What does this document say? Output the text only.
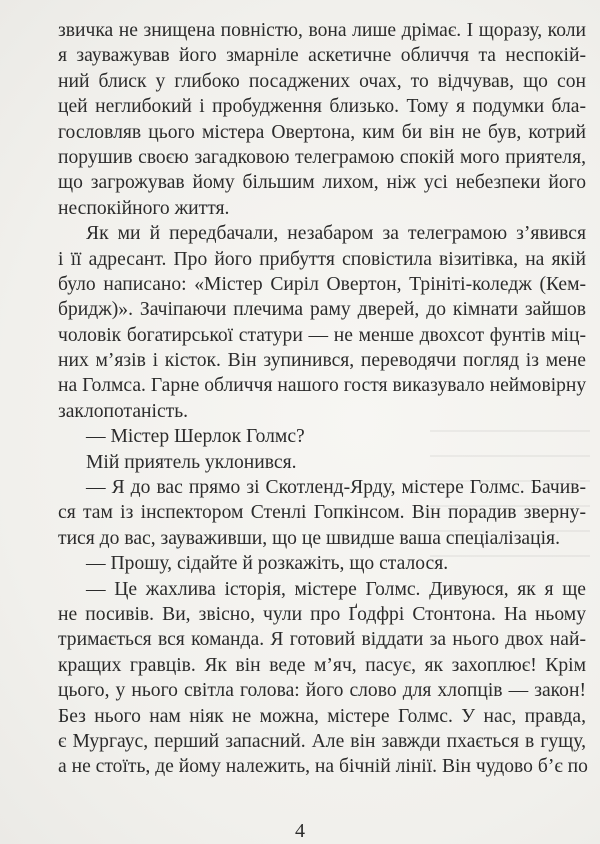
звичка не знищена повністю, вона лише дрімає. І щоразу, коли
я зауважував його змарніле аскетичне обличчя та неспокій-
ний блиск у глибоко посаджених очах, то відчував, що сон
цей неглибокий і пробудження близько. Тому я подумки бла-
гословляв цього містера Овертона, ким би він не був, котрий
порушив своєю загадковою телеграмою спокій мого приятеля,
що загрожував йому більшим лихом, ніж усі небезпеки його
неспокійного життя.
Як ми й передбачали, незабаром за телеграмою з’явився
і її адресант. Про його прибуття сповістила візитівка, на якій
було написано: «Містер Сиріл Овертон, Трініті-коледж (Кем-
бридж)». Зачіпаючи плечима раму дверей, до кімнати зайшов
чоловік богатирської статури — не менше двохсот фунтів міц-
них м’язів і кісток. Він зупинився, переводячи погляд із мене
на Голмса. Гарне обличчя нашого гостя виказувало неймовірну
заклопотаність.
— Містер Шерлок Голмс?
Мій приятель уклонився.
— Я до вас прямо зі Скотленд-Ярду, містере Голмс. Бачив-
ся там із інспектором Стенлі Гопкінсом. Він порадив зверну-
тися до вас, зауваживши, що це швидше ваша спеціалізація.
— Прошу, сідайте й розкажіть, що сталося.
— Це жахлива історія, містере Голмс. Дивуюся, як я ще
не посивів. Ви, звісно, чули про Ґодфрі Стонтона. На ньому
тримається вся команда. Я готовий віддати за нього двох най-
кращих гравців. Як він веде м’яч, пасує, як захоплює! Крім
цього, у нього світла голова: його слово для хлопців — закон!
Без нього нам ніяк не можна, містере Голмс. У нас, правда,
є Мургаус, перший запасний. Але він завжди пхається в гущу,
а не стоїть, де йому належить, на бічній лінії. Він чудово б’є по
4
